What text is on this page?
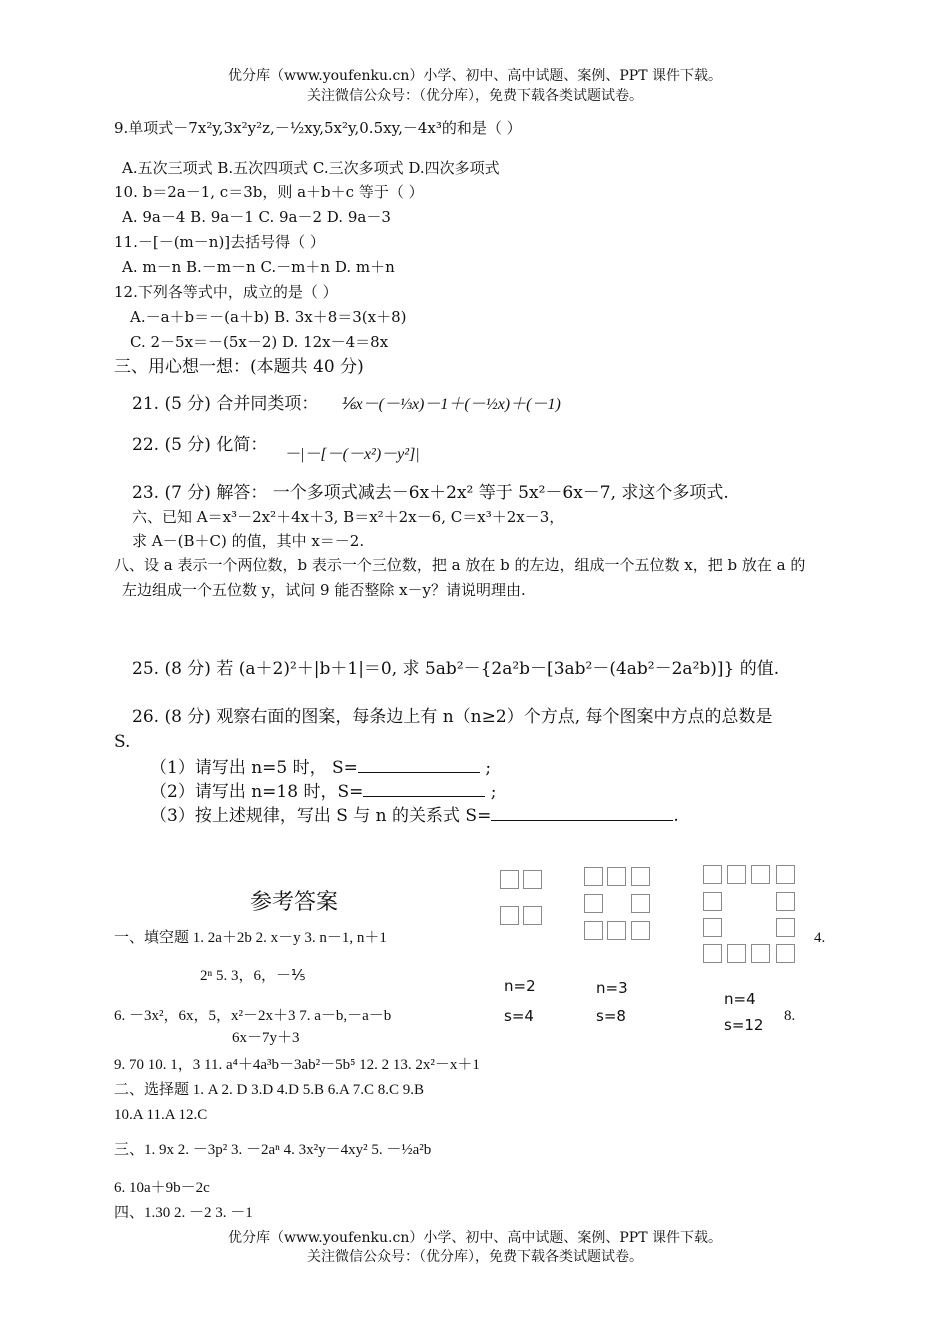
优分库（www.youfenku.cn）小学、初中、高中试题、案例、PPT 课件下载。
关注微信公众号：（优分库），免费下载各类试题试卷。
9.单项式－7x²y,3x²y²z,－½xy,5x²y,0.5xy,－4x³的和是（ ）
A.五次三项式 B.五次四项式 C.三次多项式 D.四次多项式
10. b＝2a－1, c＝3b，则 a＋b＋c 等于（ ）
A. 9a－4 B. 9a－1 C. 9a－2 D. 9a－3
11.－[－(m－n)]去括号得（ ）
A. m－n B.－m－n C.－m＋n D. m＋n
12.下列各等式中，成立的是（ ）
A.－a＋b＝－(a＋b) B. 3x＋8＝3(x＋8)
C. 2－5x＝－(5x－2) D. 12x－4＝8x
三、用心想一想：(本题共 40 分)
21. (5 分) 合并同类项： ⅙x－(－⅓x)－1＋(－½x)＋(－1)
22. (5 分) 化简： －|－[－(－x²)－y²]|
23. (7 分) 解答： 一个多项式减去－6x＋2x² 等于 5x²－6x－7, 求这个多项式.
六、已知 A＝x³－2x²＋4x＋3, B＝x²＋2x－6, C＝x³＋2x－3，
求 A－(B＋C) 的值，其中 x＝－2.
八、设 a 表示一个两位数，b 表示一个三位数，把 a 放在 b 的左边，组成一个五位数 x，把 b 放在 a 的
左边组成一个五位数 y，试问 9 能否整除 x－y？请说明理由.
25. (8 分) 若 (a＋2)²＋|b＋1|＝0, 求 5ab²－{2a²b－[3ab²－(4ab²－2a²b)]} 的值.
26. (8 分) 观察右面的图案，每条边上有 n（n≥2）个方点, 每个图案中方点的总数是
S.
（1）请写出 n=5 时， S=	;
（2）请写出 n=18 时，S=	;
（3）按上述规律，写出 S 与 n 的关系式 S=	.
n=2
s=4
n=3
s=8
n=4
s=12
参考答案
一、填空题 1. 2a＋2b 2. x－y 3. n－1, n＋1	4.
2ⁿ 5. 3，6，－⅕
6. －3x²，6x，5，x²－2x＋3 7. a－b,－a－b	8.
6x－7y＋3
9. 70 10. 1，3 11. a⁴＋4a³b－3ab²－5b⁵ 12. 2 13. 2x²－x＋1
二、选择题 1. A 2. D 3.D 4.D 5.B 6.A 7.C 8.C 9.B
10.A 11.A 12.C
三、1. 9x 2. －3p² 3. －2aⁿ 4. 3x²y－4xy² 5. －½a²b
6. 10a＋9b－2c
四、1.30 2. －2 3. －1
优分库（www.youfenku.cn）小学、初中、高中试题、案例、PPT 课件下载。
关注微信公众号：（优分库），免费下载各类试题试卷。
